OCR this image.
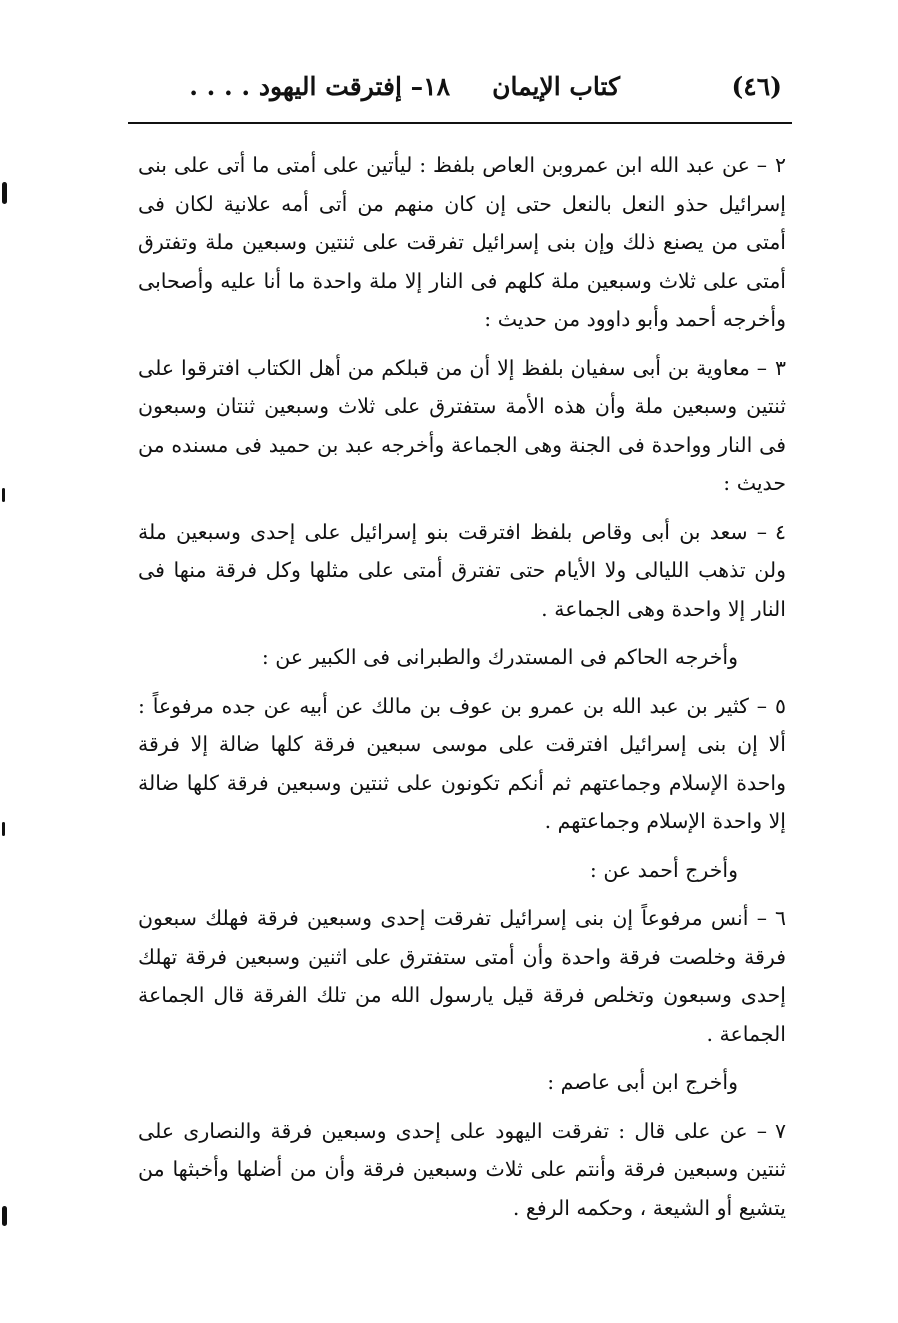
(٤٦)
كتاب الإيمان
١٨– إفترقت اليهود . . . .

٢– عن عبد الله ابن عمروبن العاص بلفظ : ليأتين على أمتى ما أتى على بنى إسرائيل حذو النعل بالنعل حتى إن كان منهم من أتى أمه علانية لكان فى أمتى من يصنع ذلك وإن بنى إسرائيل تفرقت على ثنتين وسبعين ملة وتفترق أمتى على ثلاث وسبعين ملة كلهم فى النار إلا ملة واحدة ما أنا عليه وأصحابى وأخرجه أحمد وأبو داوود من حديث :

٣– معاوية بن أبى سفيان بلفظ إلا أن من قبلكم من أهل الكتاب افترقوا على ثنتين وسبعين ملة وأن هذه الأمة ستفترق على ثلاث وسبعين ثنتان وسبعون فى النار وواحدة فى الجنة وهى الجماعة وأخرجه عبد بن حميد فى مسنده من حديث :

٤– سعد بن أبى وقاص بلفظ افترقت بنو إسرائيل على إحدى وسبعين ملة ولن تذهب الليالى ولا الأيام حتى تفترق أمتى على مثلها وكل فرقة منها فى النار إلا واحدة وهى الجماعة .

وأخرجه الحاكم فى المستدرك والطبرانى فى الكبير عن :

٥– كثير بن عبد الله بن عمرو بن عوف بن مالك عن أبيه عن جده مرفوعاً : ألا إن بنى إسرائيل افترقت على موسى سبعين فرقة كلها ضالة إلا فرقة واحدة الإسلام وجماعتهم ثم أنكم تكونون على ثنتين وسبعين فرقة كلها ضالة إلا واحدة الإسلام وجماعتهم .

وأخرج أحمد عن :

٦– أنس مرفوعاً إن بنى إسرائيل تفرقت إحدى وسبعين فرقة فهلك سبعون فرقة وخلصت فرقة واحدة وأن أمتى ستفترق على اثنين وسبعين فرقة تهلك إحدى وسبعون وتخلص فرقة قيل يارسول الله من تلك الفرقة قال الجماعة الجماعة .

وأخرج ابن أبى عاصم :

٧– عن على قال : تفرقت اليهود على إحدى وسبعين فرقة والنصارى على ثنتين وسبعين فرقة وأنتم على ثلاث وسبعين فرقة وأن من أضلها وأخبثها من يتشيع أو الشيعة ، وحكمه الرفع .
